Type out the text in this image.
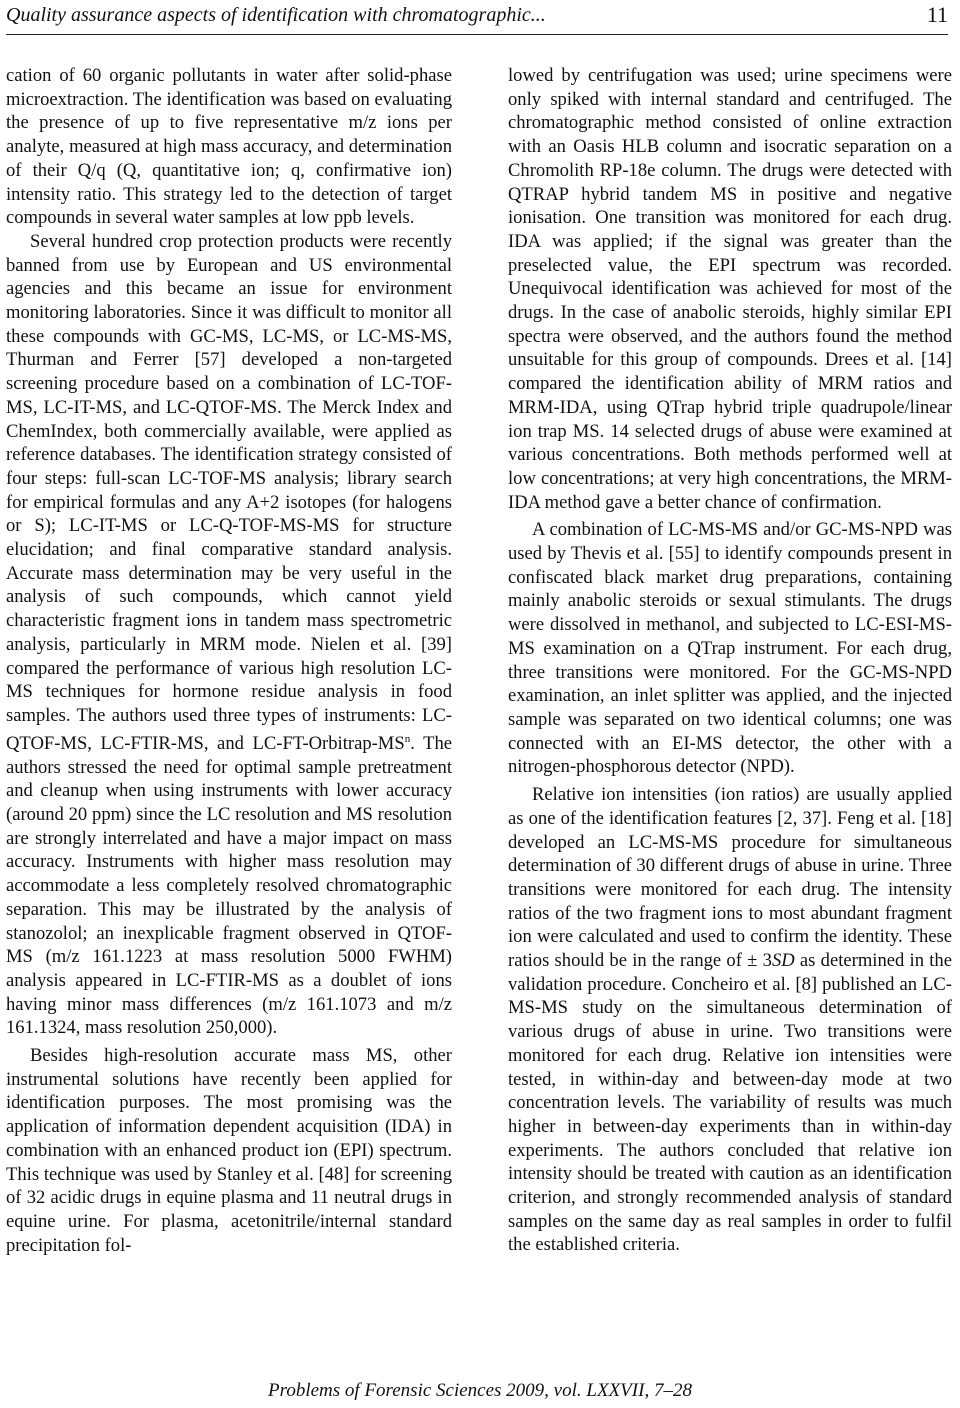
Quality assurance aspects of identification with chromatographic...	11

cation of 60 organic pollutants in water after solid-phase microextraction. The identification was based on evaluating the presence of up to five representative m/z ions per analyte, measured at high mass accuracy, and determination of their Q/q (Q, quantitative ion; q, confirmative ion) intensity ratio. This strategy led to the detection of target compounds in several water samples at low ppb levels.

Several hundred crop protection products were recently banned from use by European and US environmental agencies and this became an issue for environment monitoring laboratories. Since it was difficult to monitor all these compounds with GC-MS, LC-MS, or LC-MS-MS, Thurman and Ferrer [57] developed a non-targeted screening procedure based on a combination of LC-TOF-MS, LC-IT-MS, and LC-QTOF-MS. The Merck Index and ChemIndex, both commercially available, were applied as reference databases. The identification strategy consisted of four steps: full-scan LC-TOF-MS analysis; library search for empirical formulas and any A+2 isotopes (for halogens or S); LC-IT-MS or LC-Q-TOF-MS-MS for structure elucidation; and final comparative standard analysis. Accurate mass determination may be very useful in the analysis of such compounds, which cannot yield characteristic fragment ions in tandem mass spectrometric analysis, particularly in MRM mode. Nielen et al. [39] compared the performance of various high resolution LC-MS techniques for hormone residue analysis in food samples. The authors used three types of instruments: LC-QTOF-MS, LC-FTIR-MS, and $LC-FT-Orbitrap-MS^n$. The authors stressed the need for optimal sample pretreatment and cleanup when using instruments with lower accuracy (around 20 ppm) since the LC resolution and MS resolution are strongly interrelated and have a major impact on mass accuracy. Instruments with higher mass resolution may accommodate a less completely resolved chromatographic separation. This may be illustrated by the analysis of stanozolol; an inexplicable fragment observed in QTOF-MS (m/z 161.1223 at mass resolution 5000 FWHM) analysis appeared in LC-FTIR-MS as a doublet of ions having minor mass differences (m/z 161.1073 and m/z 161.1324, mass resolution 250,000).

Besides high-resolution accurate mass MS, other instrumental solutions have recently been applied for identification purposes. The most promising was the application of information dependent acquisition (IDA) in combination with an enhanced product ion (EPI) spectrum. This technique was used by Stanley et al. [48] for screening of 32 acidic drugs in equine plasma and 11 neutral drugs in equine urine. For plasma, acetonitrile/internal standard precipitation fol-

lowed by centrifugation was used; urine specimens were only spiked with internal standard and centrifuged. The chromatographic method consisted of online extraction with an Oasis HLB column and isocratic separation on a Chromolith RP-18e column. The drugs were detected with QTRAP hybrid tandem MS in positive and negative ionisation. One transition was monitored for each drug. IDA was applied; if the signal was greater than the preselected value, the EPI spectrum was recorded. Unequivocal identification was achieved for most of the drugs. In the case of anabolic steroids, highly similar EPI spectra were observed, and the authors found the method unsuitable for this group of compounds. Drees et al. [14] compared the identification ability of MRM ratios and MRM-IDA, using QTrap hybrid triple quadrupole/linear ion trap MS. 14 selected drugs of abuse were examined at various concentrations. Both methods performed well at low concentrations; at very high concentrations, the MRM-IDA method gave a better chance of confirmation.

A combination of LC-MS-MS and/or GC-MS-NPD was used by Thevis et al. [55] to identify compounds present in confiscated black market drug preparations, containing mainly anabolic steroids or sexual stimulants. The drugs were dissolved in methanol, and subjected to LC-ESI-MS-MS examination on a QTrap instrument. For each drug, three transitions were monitored. For the GC-MS-NPD examination, an inlet splitter was applied, and the injected sample was separated on two identical columns; one was connected with an EI-MS detector, the other with a nitrogen-phosphorous detector (NPD).

Relative ion intensities (ion ratios) are usually applied as one of the identification features [2, 37]. Feng et al. [18] developed an LC-MS-MS procedure for simultaneous determination of 30 different drugs of abuse in urine. Three transitions were monitored for each drug. The intensity ratios of the two fragment ions to most abundant fragment ion were calculated and used to confirm the identity. These ratios should be in the range of ± 3SD as determined in the validation procedure. Concheiro et al. [8] published an LC-MS-MS study on the simultaneous determination of various drugs of abuse in urine. Two transitions were monitored for each drug. Relative ion intensities were tested, in within-day and between-day mode at two concentration levels. The variability of results was much higher in between-day experiments than in within-day experiments. The authors concluded that relative ion intensity should be treated with caution as an identification criterion, and strongly recommended analysis of standard samples on the same day as real samples in order to fulfil the established criteria.

Problems of Forensic Sciences 2009, vol. LXXVII, 7–28
